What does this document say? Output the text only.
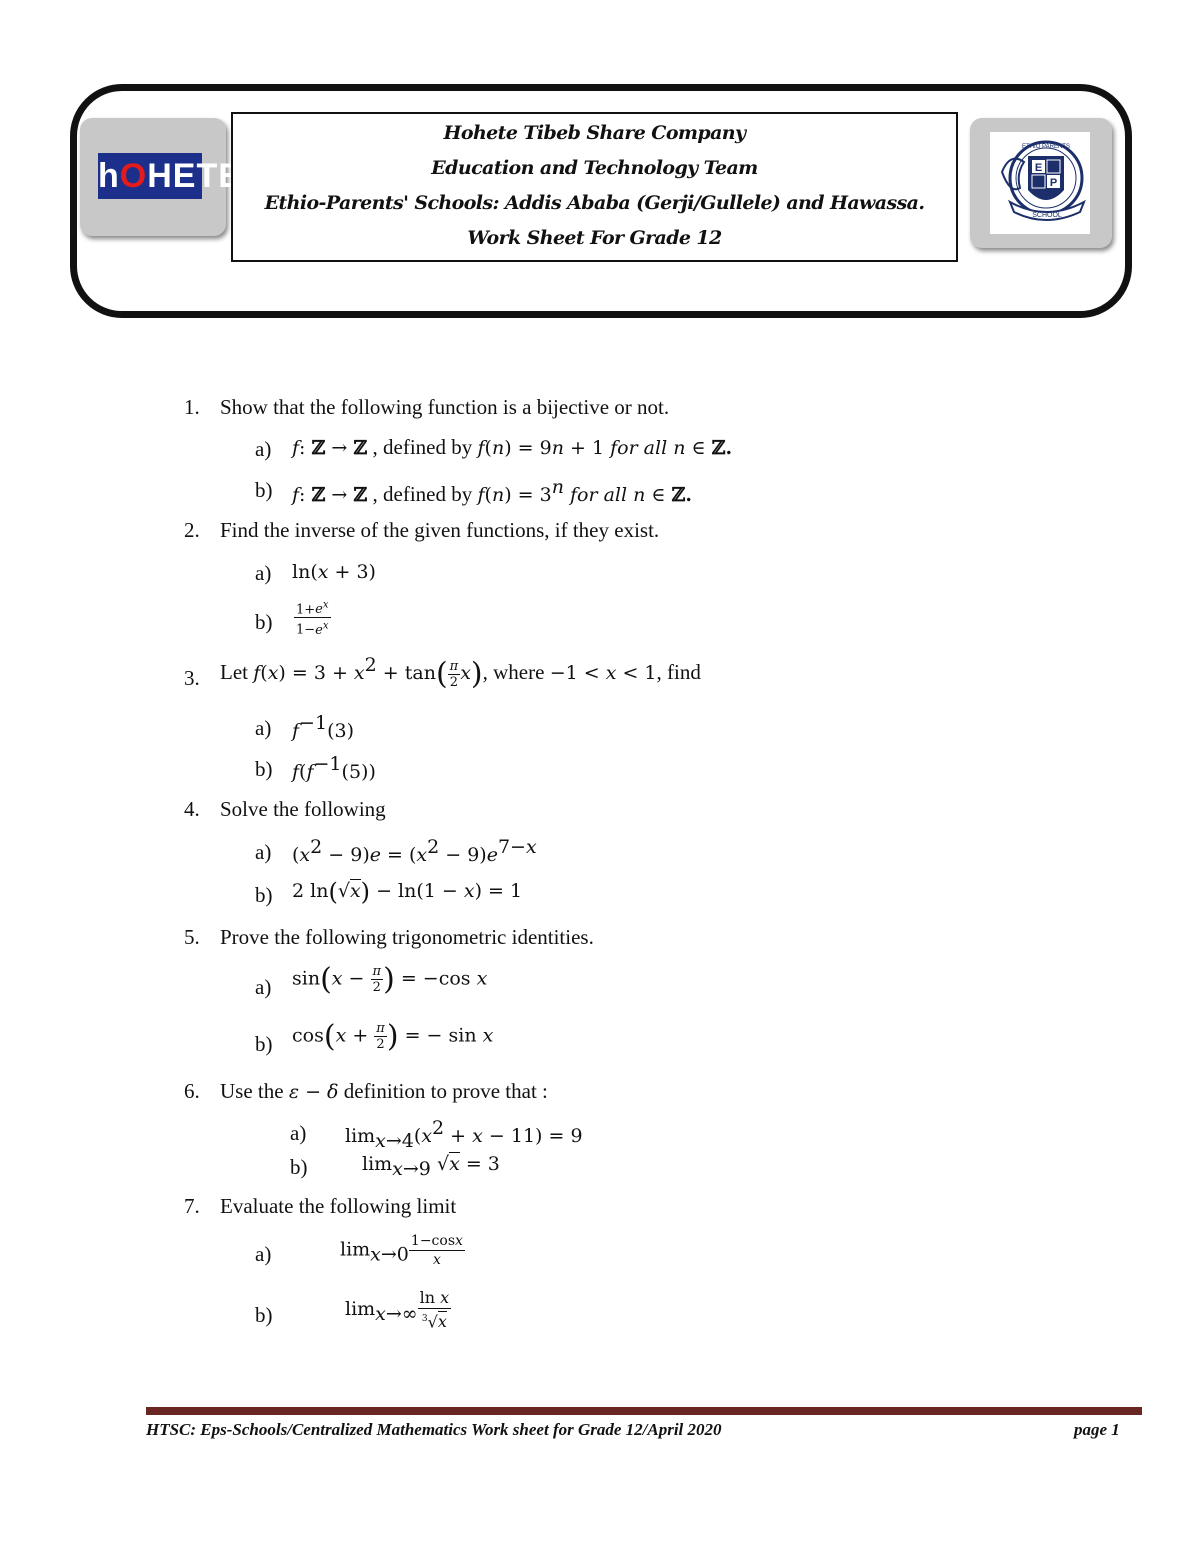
hOHETE
Hohete Tibeb Share Company
Education and Technology Team
Ethio-Parents' Schools: Addis Ababa (Gerji/Gullele) and Hawassa.
Work Sheet For Grade 12
E
P
SCHOOL
ETHIO PARENTS
1. Show that the following function is a bijective or not.
a) f: ℤ → ℤ , defined by f(n) = 9n + 1 for all n ∈ ℤ.
b) f: ℤ → ℤ , defined by $f(n) = 3^n$ for all n ∈ ℤ.
2. Find the inverse of the given functions, if they exist.
a) ln(x + 3)
$b) \frac{1+e^x}{1-e^x}$
3. Let $f(x) = 3 + x^2 + \tan( \frac{\pi}{2} x)$, where −1 < x < 1, find
a) $f^{-1}(3)$
b) $f(f^{-1}(5))$
4. Solve the following
a) $(x^2 - 9)e = (x^2 - 9)e^{7-x}$
b) 2 ln(√x) − ln(1 − x) = 1
5. Prove the following trigonometric identities.
a) $\sin(x - \frac{\pi}{2}$ ) = −cos x
b) $\cos(x + \frac{\pi}{2}$ ) = − sin x
6. Use the ε − δ definition to prove that :
a) $\lim_{x\to 4}(x^2 + x - 11) = 9$
b)	$\lim_{x\to 9} √x = 3$
7. Evaluate the following limit
a)	$\lim_{x\to 0} \frac{1-\cos x}{x}$
b)	$\lim_{x\to\infty} \frac{\text{ln x}}{^3√x}$
HTSC: Eps-Schools/Centralized Mathematics Work sheet for Grade 12/April 2020	page 1
